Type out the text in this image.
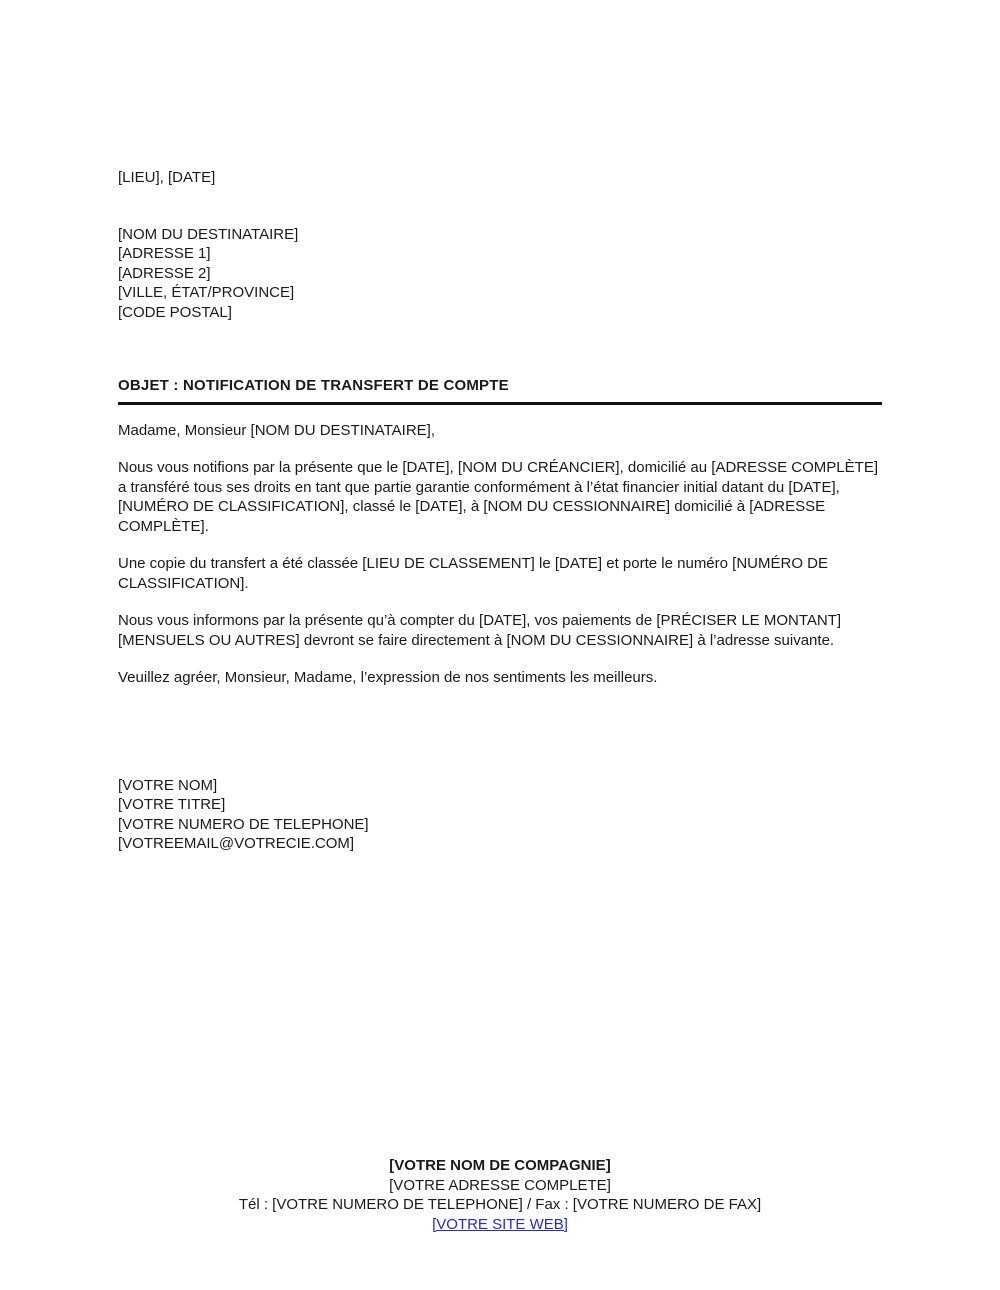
[LIEU], [DATE]
[NOM DU DESTINATAIRE]
[ADRESSE 1]
[ADRESSE 2]
[VILLE, ÉTAT/PROVINCE]
[CODE POSTAL]
OBJET : NOTIFICATION DE TRANSFERT DE COMPTE

Madame, Monsieur [NOM DU DESTINATAIRE],

Nous vous notifions par la présente que le [DATE], [NOM DU CRÉANCIER], domicilié au [ADRESSE COMPLÈTE] a transféré tous ses droits en tant que partie garantie conformément à l’état financier initial datant du [DATE], [NUMÉRO DE CLASSIFICATION], classé le [DATE], à [NOM DU CESSIONNAIRE] domicilié à [ADRESSE COMPLÈTE].

Une copie du transfert a été classée [LIEU DE CLASSEMENT] le [DATE] et porte le numéro [NUMÉRO DE CLASSIFICATION].

Nous vous informons par la présente qu’à compter du [DATE], vos paiements de [PRÉCISER LE MONTANT] [MENSUELS OU AUTRES] devront se faire directement à [NOM DU CESSIONNAIRE] à l’adresse suivante.

Veuillez agréer, Monsieur, Madame, l’expression de nos sentiments les meilleurs.

[VOTRE NOM]
[VOTRE TITRE]
[VOTRE NUMERO DE TELEPHONE]
[VOTREEMAIL@VOTRECIE.COM]
[VOTRE NOM DE COMPAGNIE]
[VOTRE ADRESSE COMPLETE]
Tél : [VOTRE NUMERO DE TELEPHONE] / Fax : [VOTRE NUMERO DE FAX]
[VOTRE SITE WEB]
